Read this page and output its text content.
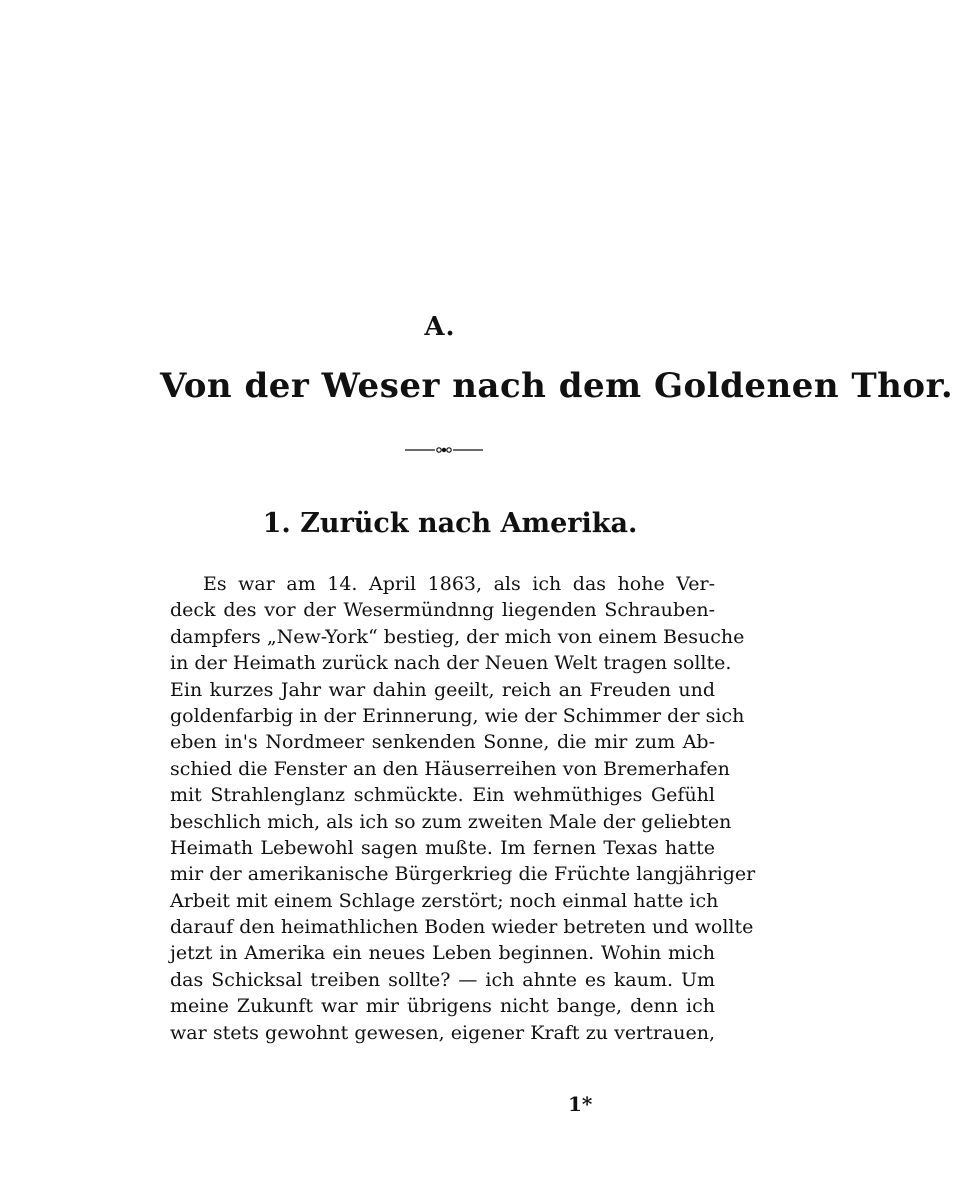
A.
Von der Weser nach dem Goldenen Thor.
1. Zurück nach Amerika.
Es war am 14. April 1863, als ich das hohe Ver-
deck des vor der Wesermündnng liegenden Schrauben-
dampfers „New-York“ bestieg, der mich von einem Besuche
in der Heimath zurück nach der Neuen Welt tragen sollte.
Ein kurzes Jahr war dahin geeilt, reich an Freuden und
goldenfarbig in der Erinnerung, wie der Schimmer der sich
eben in's Nordmeer senkenden Sonne, die mir zum Ab-
schied die Fenster an den Häuserreihen von Bremerhafen
mit Strahlenglanz schmückte. Ein wehmüthiges Gefühl
beschlich mich, als ich so zum zweiten Male der geliebten
Heimath Lebewohl sagen mußte. Im fernen Texas hatte
mir der amerikanische Bürgerkrieg die Früchte langjähriger
Arbeit mit einem Schlage zerstört; noch einmal hatte ich
darauf den heimathlichen Boden wieder betreten und wollte
jetzt in Amerika ein neues Leben beginnen. Wohin mich
das Schicksal treiben sollte? — ich ahnte es kaum. Um
meine Zukunft war mir übrigens nicht bange, denn ich
war stets gewohnt gewesen, eigener Kraft zu vertrauen,
1*
